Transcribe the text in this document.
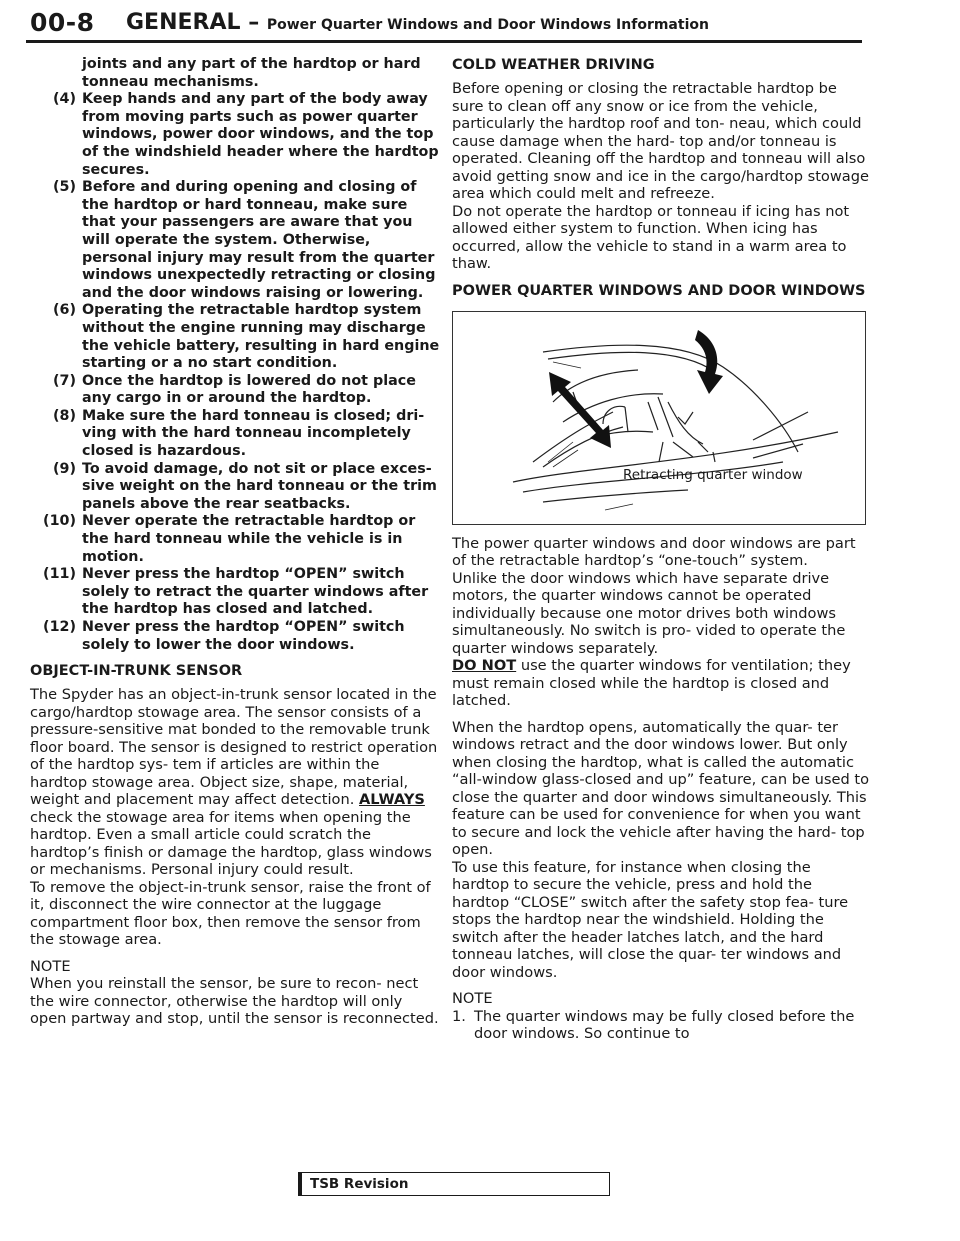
00-8 GENERAL – Power Quarter Windows and Door Windows Information
joints and any part of the hardtop or hard tonneau mechanisms.
(4) Keep hands and any part of the body away from moving parts such as power quarter windows, power door windows, and the top of the windshield header where the hardtop secures.
(5) Before and during opening and closing of the hardtop or hard tonneau, make sure that your passengers are aware that you will operate the system. Otherwise, personal injury may result from the quarter windows unexpectedly retracting or closing and the door windows raising or lowering.
(6) Operating the retractable hardtop system without the engine running may discharge the vehicle battery, resulting in hard engine starting or a no start condition.
(7) Once the hardtop is lowered do not place any cargo in or around the hardtop.
(8) Make sure the hard tonneau is closed; dri- ving with the hard tonneau incompletely closed is hazardous.
(9) To avoid damage, do not sit or place exces- sive weight on the hard tonneau or the trim panels above the rear seatbacks.
(10) Never operate the retractable hardtop or the hard tonneau while the vehicle is in motion.
(11) Never press the hardtop “OPEN” switch solely to retract the quarter windows after the hardtop has closed and latched.
(12) Never press the hardtop “OPEN” switch solely to lower the door windows.
OBJECT-IN-TRUNK SENSOR

The Spyder has an object-in-trunk sensor located in the cargo/hardtop stowage area. The sensor consists of a pressure-sensitive mat bonded to the removable trunk floor board. The sensor is designed to restrict operation of the hardtop sys- tem if articles are within the hardtop stowage area. Object size, shape, material, weight and placement may affect detection. ALWAYS check the stowage area for items when opening the hardtop. Even a small article could scratch the hardtop’s finish or damage the hardtop, glass windows or mechanisms. Personal injury could result.

To remove the object-in-trunk sensor, raise the front of it, disconnect the wire connector at the luggage compartment floor box, then remove the sensor from the stowage area.

NOTE

When you reinstall the sensor, be sure to recon- nect the wire connector, otherwise the hardtop will only open partway and stop, until the sensor is reconnected.

COLD WEATHER DRIVING

Before opening or closing the retractable hardtop be sure to clean off any snow or ice from the vehicle, particularly the hardtop roof and ton- neau, which could cause damage when the hard- top and/or tonneau is operated. Cleaning off the hardtop and tonneau will also avoid getting snow and ice in the cargo/hardtop stowage area which could melt and refreeze.

Do not operate the hardtop or tonneau if icing has not allowed either system to function. When icing has occurred, allow the vehicle to stand in a warm area to thaw.

POWER QUARTER WINDOWS AND DOOR WINDOWS
Retracting quarter window

The power quarter windows and door windows are part of the retractable hardtop’s “one-touch” system.

Unlike the door windows which have separate drive motors, the quarter windows cannot be operated individually because one motor drives both windows simultaneously. No switch is pro- vided to operate the quarter windows separately.

DO NOT use the quarter windows for ventilation; they must remain closed while the hardtop is closed and latched.

When the hardtop opens, automatically the quar- ter windows retract and the door windows lower. But only when closing the hardtop, what is called the automatic “all-window glass-closed and up” feature, can be used to close the quarter and door windows simultaneously. This feature can be used for convenience for when you want to secure and lock the vehicle after having the hard- top open.

To use this feature, for instance when closing the hardtop to secure the vehicle, press and hold the hardtop “CLOSE” switch after the safety stop fea- ture stops the hardtop near the windshield. Holding the switch after the header latches latch, and the hard tonneau latches, will close the quar- ter windows and door windows.

NOTE

1. The quarter windows may be fully closed before the door windows. So continue to
TSB Revision
